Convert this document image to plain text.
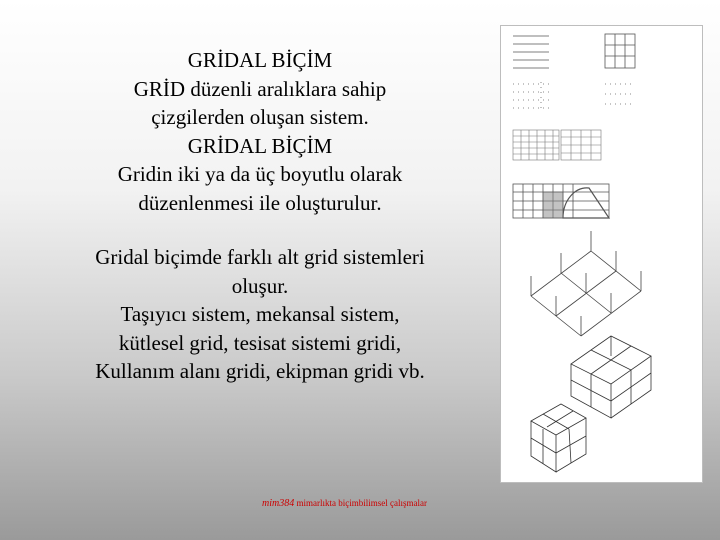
GRİDAL BİÇİM
GRİD düzenli aralıklara sahip
çizgilerden oluşan sistem.
GRİDAL BİÇİM
Gridin iki ya da üç boyutlu olarak
düzenlenmesi ile oluşturulur.
Gridal biçimde farklı alt grid sistemleri
oluşur.
Taşıyıcı sistem, mekansal sistem,
kütlesel grid, tesisat sistemi gridi,
Kullanım alanı gridi, ekipman gridi vb.
mim384 mimarlıkta biçimbilimsel çalışmalar
